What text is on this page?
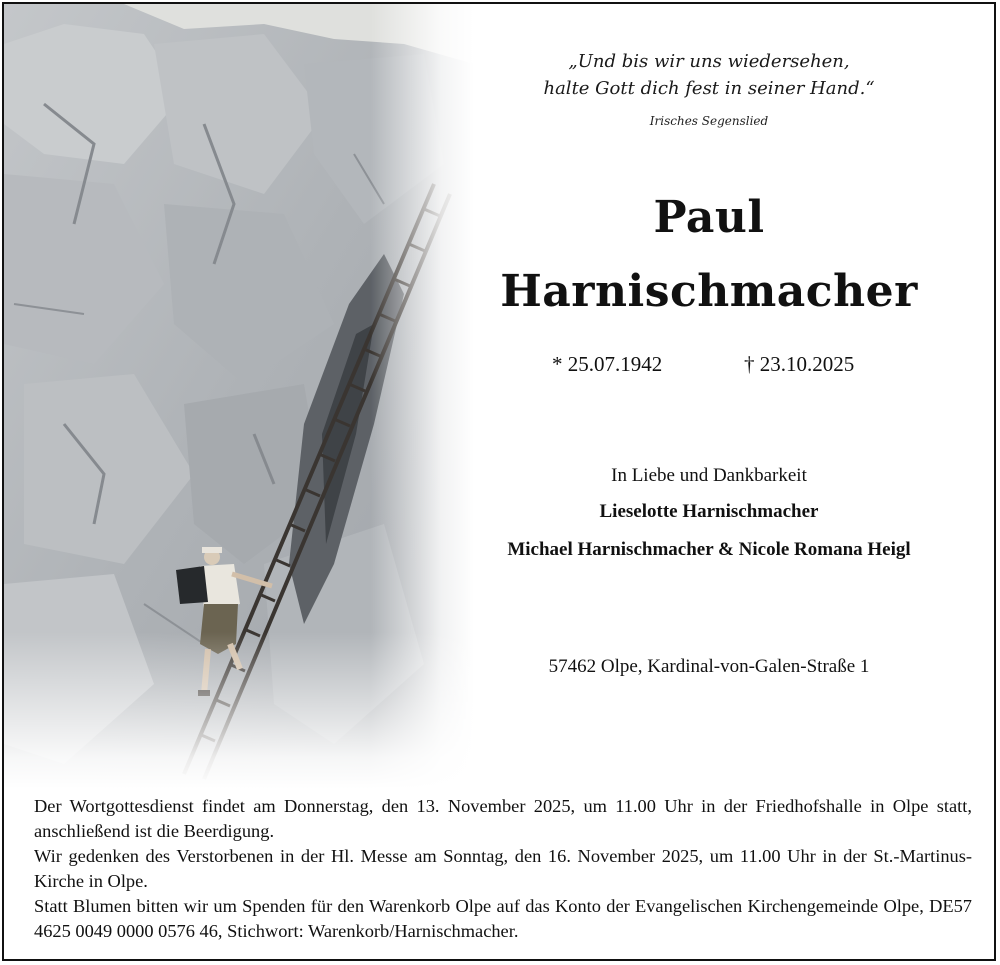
„Und bis wir uns wiedersehen,
halte Gott dich fest in seiner Hand.“
Irisches Segenslied
Paul
Harnischmacher
* 25.07.1942	† 23.10.2025
In Liebe und Dankbarkeit
Lieselotte Harnischmacher
Michael Harnischmacher & Nicole Romana Heigl
57462 Olpe, Kardinal-von-Galen-Straße 1

Der Wortgottesdienst findet am Donnerstag, den 13. November 2025, um 11.00 Uhr in der Friedhofshalle in Olpe statt, anschließend ist die Beerdigung.

Wir gedenken des Verstorbenen in der Hl. Messe am Sonntag, den 16. November 2025, um 11.00 Uhr in der St.-Martinus-Kirche in Olpe.

Statt Blumen bitten wir um Spenden für den Warenkorb Olpe auf das Konto der Evangelischen Kirchengemeinde Olpe, DE57 4625 0049 0000 0576 46, Stichwort: Warenkorb/Harnischmacher.
